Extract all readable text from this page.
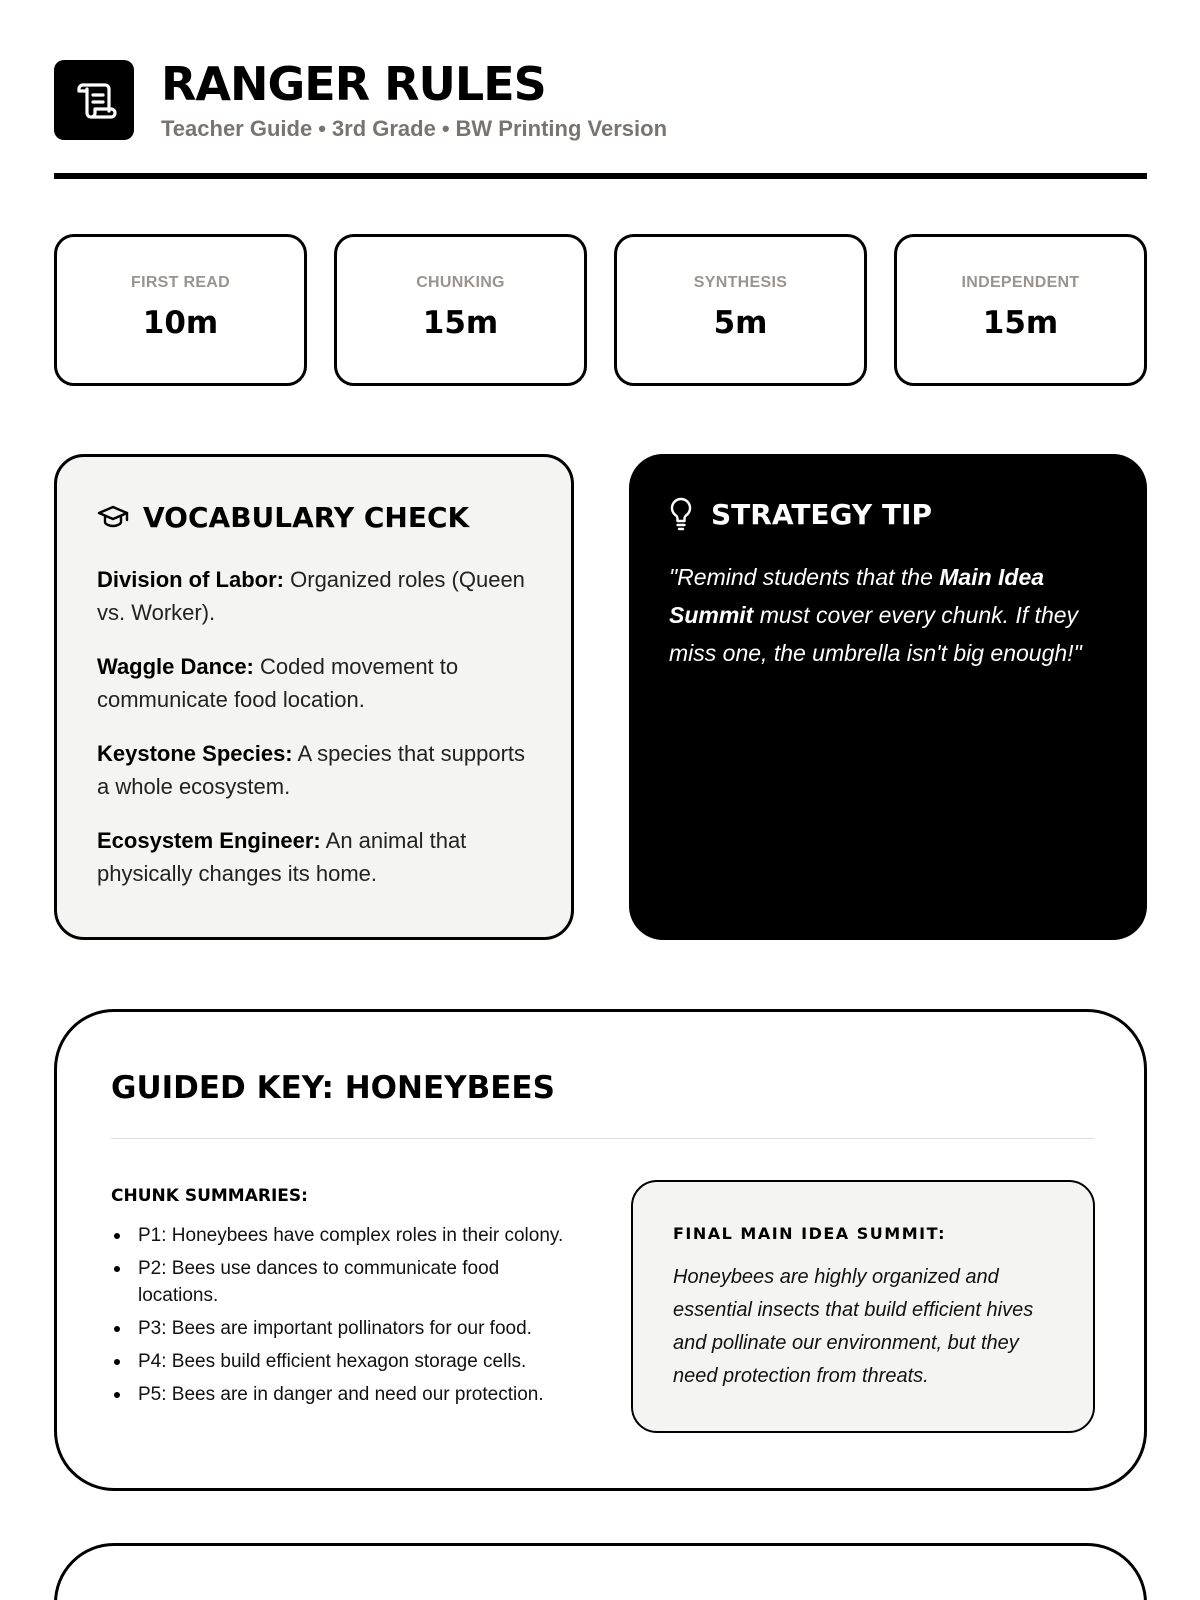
RANGER RULES
Teacher Guide • 3rd Grade • BW Printing Version
FIRST READ
10m
CHUNKING
15m
SYNTHESIS
5m
INDEPENDENT
15m
VOCABULARY CHECK
Division of Labor: Organized roles (Queen vs. Worker).
Waggle Dance: Coded movement to communicate food location.
Keystone Species: A species that supports a whole ecosystem.
Ecosystem Engineer: An animal that physically changes its home.
STRATEGY TIP

"Remind students that the Main Idea Summit must cover every chunk. If they miss one, the umbrella isn't big enough!"

GUIDED KEY: HONEYBEES
CHUNK SUMMARIES:
P1: Honeybees have complex roles in their colony.
P2: Bees use dances to communicate food locations.
P3: Bees are important pollinators for our food.
P4: Bees build efficient hexagon storage cells.
P5: Bees are in danger and need our protection.
FINAL MAIN IDEA SUMMIT:
Honeybees are highly organized and essential insects that build efficient hives and pollinate our environment, but they need protection from threats.
